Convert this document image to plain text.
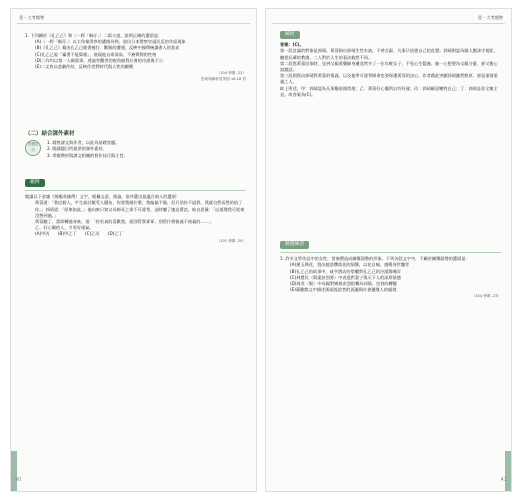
壹・大考趨勢

1. 下列關於《孔乙己》和〈一桿「稱仔」〉二篇小說，說明正確的選項是：

(A)〈一桿「稱仔」〉以主角秦得參的遭遇為例，道出日本警察官逼民反的苛虐現象

(B)《孔乙己》藉由孔乙己偷書被打、斷腿的遭遇，反映中國傳統讀書人的悲哀

(C)孔乙己說「竊書不能算偷」，展現他自命清高、不務實際的性格

(D)二作均以第一人稱敘事，透過旁觀者的視角描寫社會的冷漠與不公

(E)二文皆以悲劇作結，反映作者對時代與人性的關懷

（104 學測 -22）

答案與解析見別冊 16-18 頁

（二）結合課外素材

答題技巧

1. 精熟課文與作者，以此為基礎答題。

2. 閱讀題目所提供的課外素材。

3. 掌握教材與課文相關的寫作技巧與主旨。

範例

閱讀以下金庸《射鵰英雄傳》文字，根據文意，推論，依序選出最適合填入的選項：

黃蓉道：「我這個人，平生最討厭受人擺布，你要我做什麼，我偏偏不做。但只消你不逼我，我就自然而然的依了你。」郭靖道：「原來如此。」他向來只知父母師長之命不可違背，這時聽了她這番話，暗自思量：「這道理我可從來沒想到過。」

黃蓉聽了，當即轉過身來，道：「你若真的喜歡我，就別管我爹爹、別管什麼俠義不俠義的……」

乙、好心腸的人，才有好運氣。

(A)甲丙　　(B)甲乙丁　　(C)乙丙　　(D)乙丁

（101 學測 -20）

40
壹・大考趨勢
解析

答案：(C)。

第一段討論的對象是郭靖。黃蓉指出郭靖生性木訥，不善言辭，凡事只依憑自己的直覺。郭靖則認為做人應該守規矩，聽從長輩的教誨，二人對於人生的看法截然不同。

第二段寫黃蓉回家時，見到父親黃藥師身邊竟然多了一位年輕女子，不免心生疑慮。她一心想要為父親分憂，卻又擔心說錯話。

第三段則寫出郭靖對黃蓉的情義，以及他寧可違背師命也要保護黃蓉的決心。作者藉此突顯郭靖雖然憨厚，卻是重情重義之人。

綜上所述，甲：郭靖認為凡事應依循常理；乙：黃蓉好心腸所以有好運；丙：郭靖願意犧牲自己；丁：郭靖並非全無主見。故答案為(C)。

精選練習

1. 許多文學作品中的女性，常被塑造成關懷弱勢的形象。下列各段文字中，不屬於關懷弱勢的選項是：

(A)黛玉葬花，寫出她悲憫落花的情懷，以花自喻，感嘆身世飄零

(B)孔乙己的故事中，咸亨酒店的掌櫃對孔乙己的冷漠與嘲弄

(C)林覺民〈與妻訣別書〉中表達對妻子與天下人的深厚情感

(D)琦君〈髻〉中母親對姨娘由怨恨轉為同情、包容的轉變

(E)蔣勳散文中描述街頭流浪者的孤獨與社會邊緣人的處境

（104 學測 -23）

41
